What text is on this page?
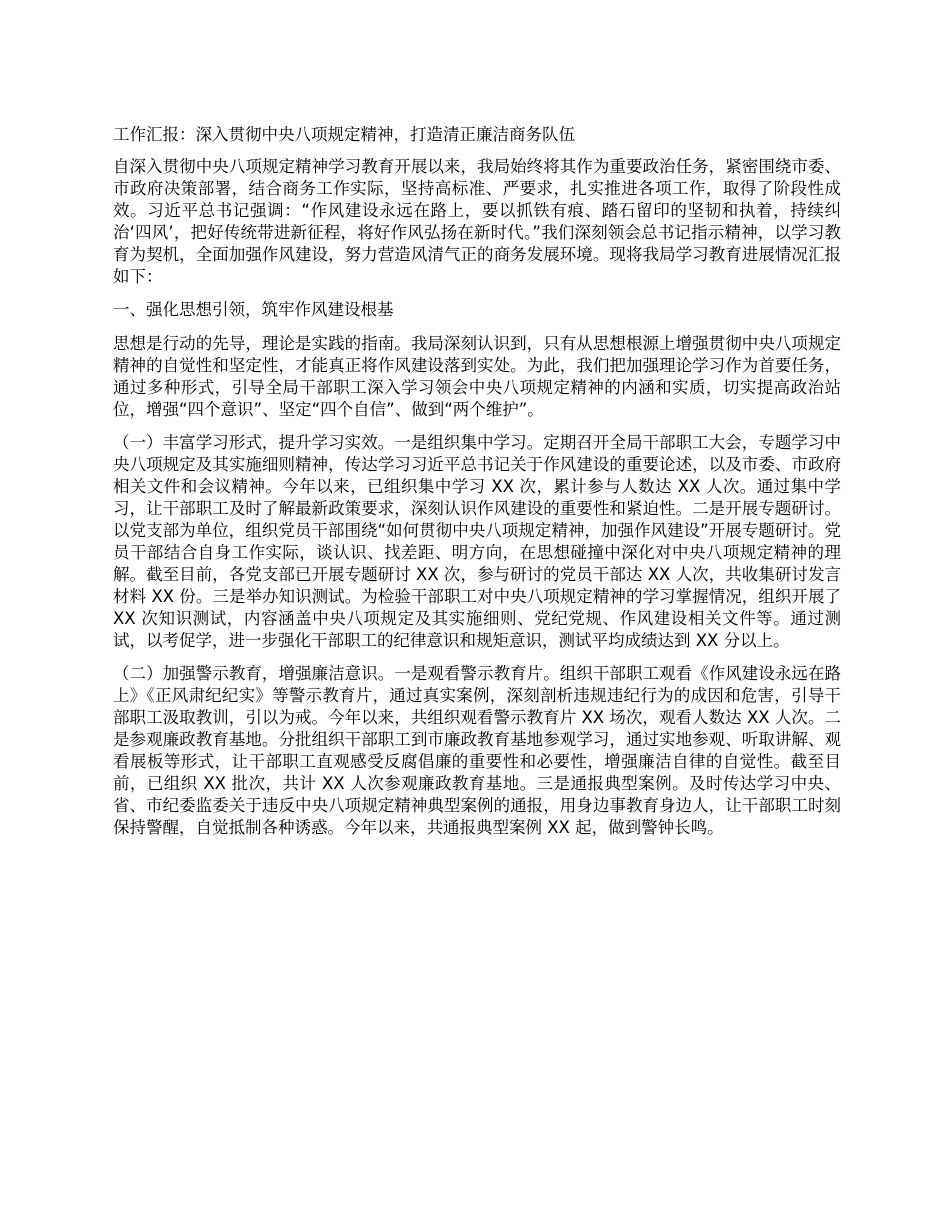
工作汇报：深入贯彻中央八项规定精神，打造清正廉洁商务队伍

自深入贯彻中央八项规定精神学习教育开展以来，我局始终将其作为重要政治任务，紧密围绕市委、市政府决策部署，结合商务工作实际，坚持高标准、严要求，扎实推进各项工作，取得了阶段性成效。习近平总书记强调：“作风建设永远在路上，要以抓铁有痕、踏石留印的坚韧和执着，持续纠治‘四风’，把好传统带进新征程，将好作风弘扬在新时代。”我们深刻领会总书记指示精神，以学习教育为契机，全面加强作风建设，努力营造风清气正的商务发展环境。现将我局学习教育进展情况汇报如下：

一、强化思想引领，筑牢作风建设根基

思想是行动的先导，理论是实践的指南。我局深刻认识到，只有从思想根源上增强贯彻中央八项规定精神的自觉性和坚定性，才能真正将作风建设落到实处。为此，我们把加强理论学习作为首要任务，通过多种形式，引导全局干部职工深入学习领会中央八项规定精神的内涵和实质，切实提高政治站位，增强“四个意识”、坚定“四个自信”、做到“两个维护”。

（一）丰富学习形式，提升学习实效。一是组织集中学习。定期召开全局干部职工大会，专题学习中央八项规定及其实施细则精神，传达学习习近平总书记关于作风建设的重要论述，以及市委、市政府相关文件和会议精神。今年以来，已组织集中学习 XX 次，累计参与人数达 XX 人次。通过集中学习，让干部职工及时了解最新政策要求，深刻认识作风建设的重要性和紧迫性。二是开展专题研讨。以党支部为单位，组织党员干部围绕“如何贯彻中央八项规定精神，加强作风建设”开展专题研讨。党员干部结合自身工作实际，谈认识、找差距、明方向，在思想碰撞中深化对中央八项规定精神的理解。截至目前，各党支部已开展专题研讨 XX 次，参与研讨的党员干部达 XX 人次，共收集研讨发言材料 XX 份。三是举办知识测试。为检验干部职工对中央八项规定精神的学习掌握情况，组织开展了 XX 次知识测试，内容涵盖中央八项规定及其实施细则、党纪党规、作风建设相关文件等。通过测试，以考促学，进一步强化干部职工的纪律意识和规矩意识，测试平均成绩达到 XX 分以上。

（二）加强警示教育，增强廉洁意识。一是观看警示教育片。组织干部职工观看《作风建设永远在路上》《正风肃纪纪实》等警示教育片，通过真实案例，深刻剖析违规违纪行为的成因和危害，引导干部职工汲取教训，引以为戒。今年以来，共组织观看警示教育片 XX 场次，观看人数达 XX 人次。二是参观廉政教育基地。分批组织干部职工到市廉政教育基地参观学习，通过实地参观、听取讲解、观看展板等形式，让干部职工直观感受反腐倡廉的重要性和必要性，增强廉洁自律的自觉性。截至目前，已组织 XX 批次，共计 XX 人次参观廉政教育基地。三是通报典型案例。及时传达学习中央、省、市纪委监委关于违反中央八项规定精神典型案例的通报，用身边事教育身边人，让干部职工时刻保持警醒，自觉抵制各种诱惑。今年以来，共通报典型案例 XX 起，做到警钟长鸣。
